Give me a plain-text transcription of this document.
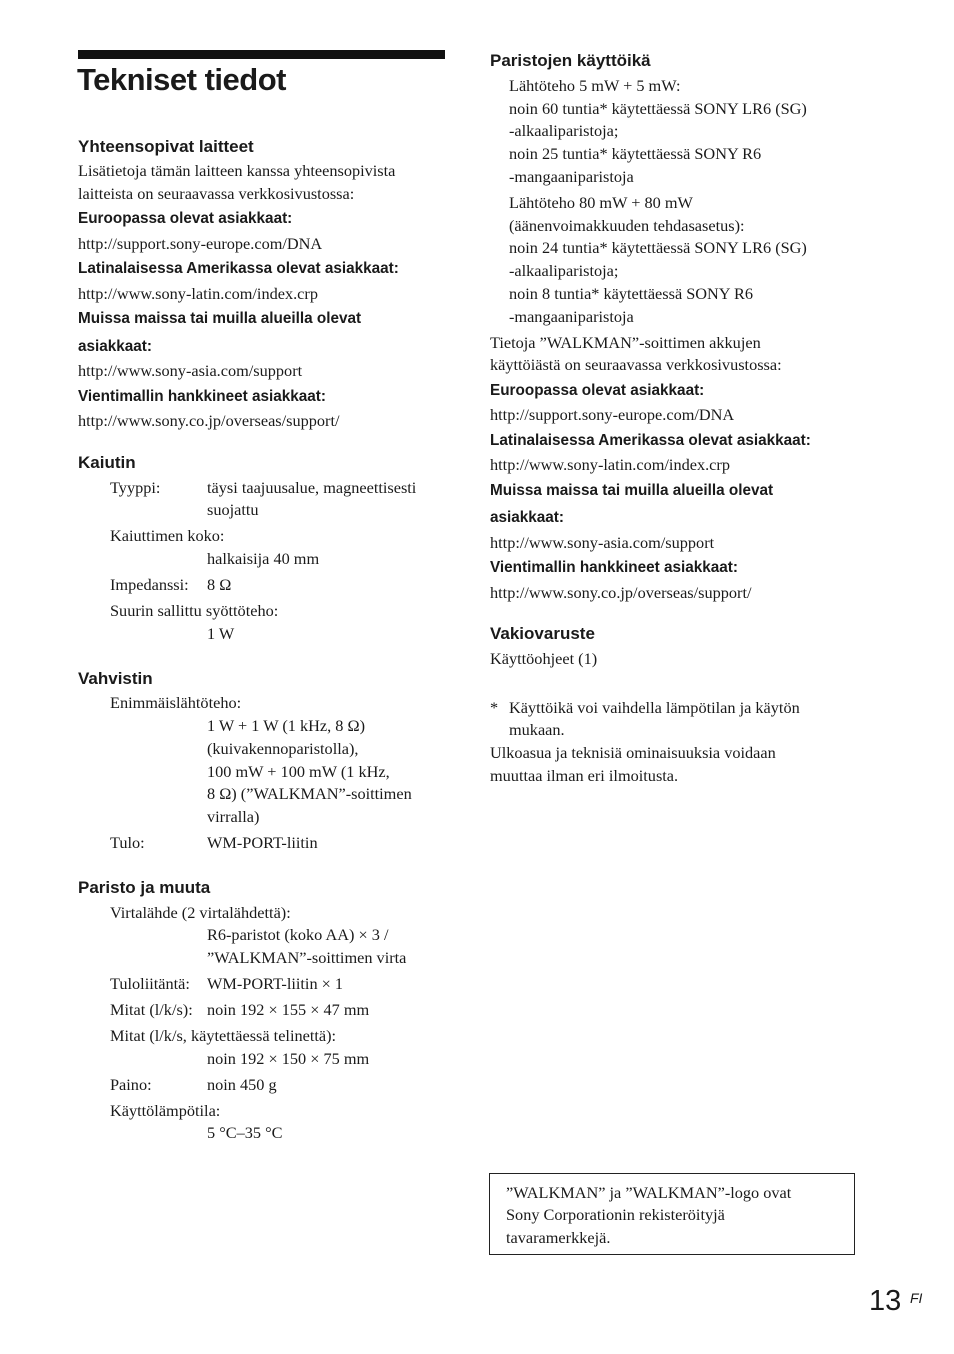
Tekniset tiedot
Yhteensopivat laitteet
Lisätietoja tämän laitteen kanssa yhteensopivista
laitteista on seuraavassa verkkosivustossa:
Euroopassa olevat asiakkaat:
http://support.sony-europe.com/DNA
Latinalaisessa Amerikassa olevat asiakkaat:
http://www.sony-latin.com/index.crp
Muissa maissa tai muilla alueilla olevat
asiakkaat:
http://www.sony-asia.com/support
Vientimallin hankkineet asiakkaat:
http://www.sony.co.jp/overseas/support/
Kaiutin
Tyyppi:	täysi taajuusalue, magneettisesti
suojattu
Kaiuttimen koko:
halkaisija 40 mm
Impedanssi: 8 Ω
Suurin sallittu syöttöteho:
1 W
Vahvistin
Enimmäislähtöteho:
1 W + 1 W (1 kHz, 8 Ω)
(kuivakennoparistolla),
100 mW + 100 mW (1 kHz,
8 Ω) (”WALKMAN”-soittimen
virralla)
Tulo:	WM-PORT-liitin
Paristo ja muuta
Virtalähde (2 virtalähdettä):
R6-paristot (koko AA) × 3 /
”WALKMAN”-soittimen virta
Tuloliitäntä: WM-PORT-liitin × 1
Mitat (l/k/s): noin 192 × 155 × 47 mm
Mitat (l/k/s, käytettäessä telinettä):
noin 192 × 150 × 75 mm
Paino:	noin 450 g
Käyttölämpötila:
5 °C–35 °C
Paristojen käyttöikä
Lähtöteho 5 mW + 5 mW:
noin 60 tuntia* käytettäessä SONY LR6 (SG)
-alkaaliparistoja;
noin 25 tuntia* käytettäessä SONY R6
-mangaaniparistoja
Lähtöteho 80 mW + 80 mW
(äänenvoimakkuuden tehdasasetus):
noin 24 tuntia* käytettäessä SONY LR6 (SG)
-alkaaliparistoja;
noin 8 tuntia* käytettäessä SONY R6
-mangaaniparistoja
Tietoja ”WALKMAN”-soittimen akkujen
käyttöiästä on seuraavassa verkkosivustossa:
Euroopassa olevat asiakkaat:
http://support.sony-europe.com/DNA
Latinalaisessa Amerikassa olevat asiakkaat:
http://www.sony-latin.com/index.crp
Muissa maissa tai muilla alueilla olevat
asiakkaat:
http://www.sony-asia.com/support
Vientimallin hankkineet asiakkaat:
http://www.sony.co.jp/overseas/support/
Vakiovaruste
Käyttöohjeet (1)
* Käyttöikä voi vaihdella lämpötilan ja käytön
mukaan.
Ulkoasua ja teknisiä ominaisuuksia voidaan
muuttaa ilman eri ilmoitusta.
”WALKMAN” ja ”WALKMAN”-logo ovat
Sony Corporationin rekisteröityjä
tavaramerkkejä.
13 FI
